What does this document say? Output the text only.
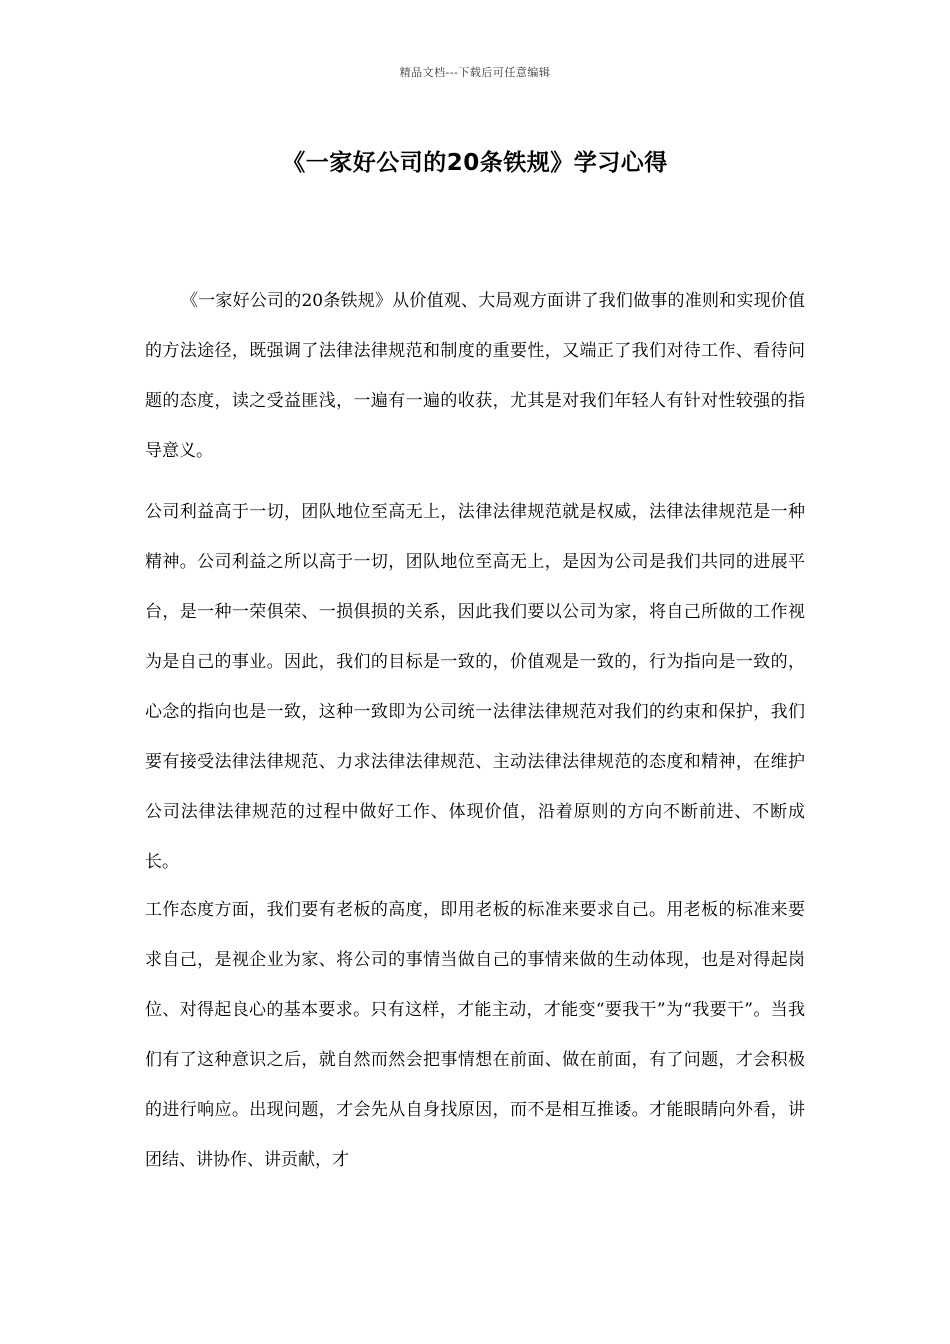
精品文档---下载后可任意编辑
《一家好公司的20条铁规》学习心得

《一家好公司的20条铁规》从价值观、大局观方面讲了我们做事的准则和实现价值的方法途径，既强调了法律法律规范和制度的重要性，又端正了我们对待工作、看待问题的态度，读之受益匪浅，一遍有一遍的收获，尤其是对我们年轻人有针对性较强的指导意义。

公司利益高于一切，团队地位至高无上，法律法律规范就是权威，法律法律规范是一种精神。公司利益之所以高于一切，团队地位至高无上，是因为公司是我们共同的进展平台，是一种一荣俱荣、一损俱损的关系，因此我们要以公司为家，将自己所做的工作视为是自己的事业。因此，我们的目标是一致的，价值观是一致的，行为指向是一致的，心念的指向也是一致，这种一致即为公司统一法律法律规范对我们的约束和保护，我们要有接受法律法律规范、力求法律法律规范、主动法律法律规范的态度和精神，在维护公司法律法律规范的过程中做好工作、体现价值，沿着原则的方向不断前进、不断成长。

工作态度方面，我们要有老板的高度，即用老板的标准来要求自己。用老板的标准来要求自己，是视企业为家、将公司的事情当做自己的事情来做的生动体现，也是对得起岗位、对得起良心的基本要求。只有这样，才能主动，才能变“要我干”为“我要干”。当我们有了这种意识之后，就自然而然会把事情想在前面、做在前面，有了问题，才会积极的进行响应。出现问题，才会先从自身找原因，而不是相互推诿。才能眼睛向外看，讲团结、讲协作、讲贡献，才
